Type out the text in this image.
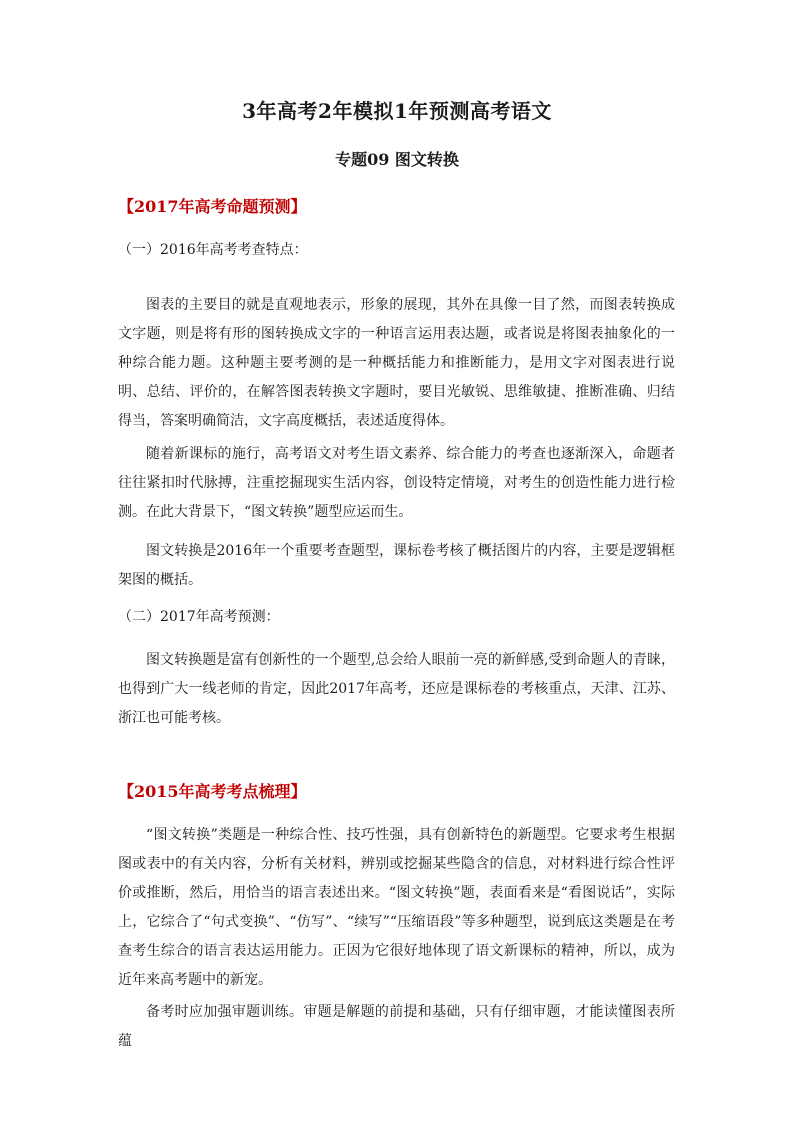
3年高考2年模拟1年预测高考语文
专题09 图文转换
【2017年高考命题预测】
（一）2016年高考考查特点：
图表的主要目的就是直观地表示，形象的展现，其外在具像一目了然，而图表转换成文字题，则是将有形的图转换成文字的一种语言运用表达题，或者说是将图表抽象化的一种综合能力题。这种题主要考测的是一种概括能力和推断能力，是用文字对图表进行说明、总结、评价的，在解答图表转换文字题时，要目光敏锐、思维敏捷、推断准确、归结得当，答案明确简洁，文字高度概括，表述适度得体。
随着新课标的施行，高考语文对考生语文素养、综合能力的考查也逐渐深入，命题者往往紧扣时代脉搏，注重挖掘现实生活内容，创设特定情境，对考生的创造性能力进行检测。在此大背景下，“图文转换”题型应运而生。
图文转换是2016年一个重要考查题型，课标卷考核了概括图片的内容，主要是逻辑框架图的概括。
（二）2017年高考预测：
图文转换题是富有创新性的一个题型,总会给人眼前一亮的新鲜感,受到命题人的青睐，也得到广大一线老师的肯定，因此2017年高考，还应是课标卷的考核重点，天津、江苏、浙江也可能考核。
【2015年高考考点梳理】
“图文转换”类题是一种综合性、技巧性强，具有创新特色的新题型。它要求考生根据图或表中的有关内容，分析有关材料，辨别或挖掘某些隐含的信息，对材料进行综合性评价或推断，然后，用恰当的语言表述出来。“图文转换”题，表面看来是“看图说话”，实际上，它综合了“句式变换”、“仿写”、“续写”“压缩语段”等多种题型，说到底这类题是在考查考生综合的语言表达运用能力。正因为它很好地体现了语文新课标的精神，所以，成为近年来高考题中的新宠。
备考时应加强审题训练。审题是解题的前提和基础，只有仔细审题，才能读懂图表所蕴
